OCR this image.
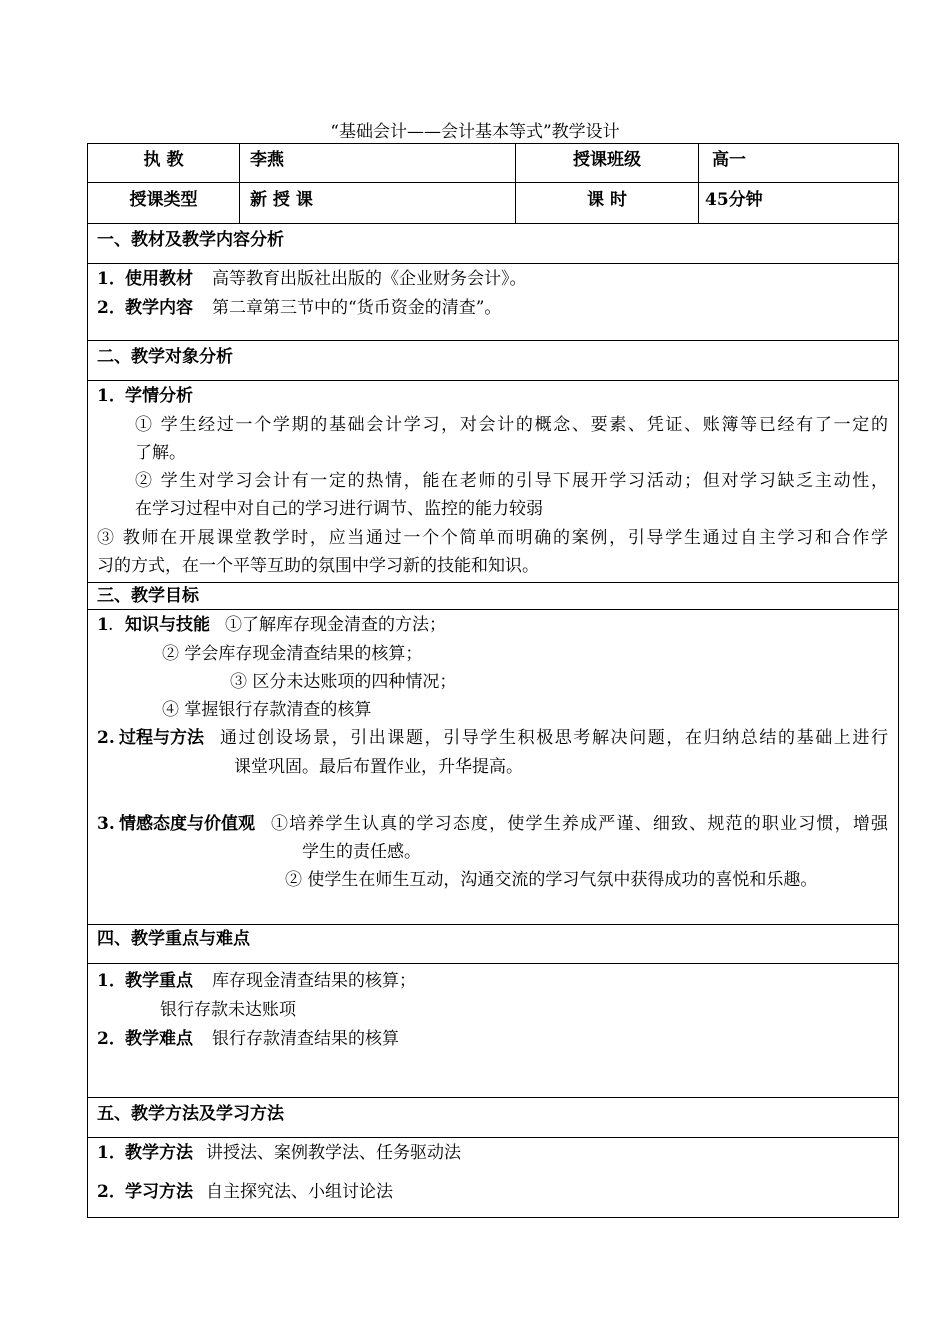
“基础会计——会计基本等式”教学设计
执 教	李燕	授课班级	高一
授课类型	新 授 课	课 时	45分钟
一、教材及教学内容分析
1． 使用教材 高等教育出版社出版的《企业财务会计》。
2． 教学内容 第二章第三节中的“货币资金的清查”。
二、教学对象分析
1． 学情分析
① 学生经过一个学期的基础会计学习，对会计的概念、要素、凭证、账簿等已经有了一定的
了解。
② 学生对学习会计有一定的热情，能在老师的引导下展开学习活动；但对学习缺乏主动性，
在学习过程中对自己的学习进行调节、监控的能力较弱
③ 教师在开展课堂教学时，应当通过一个个简单而明确的案例，引导学生通过自主学习和合作学
习的方式，在一个平等互助的氛围中学习新的技能和知识。
三、教学目标
1 . 知识与技能 ①了解库存现金清查的方法；
② 学会库存现金清查结果的核算；
③ 区分未达账项的四种情况；
④ 掌握银行存款清查的核算
2. 过程与方法 通过创设场景，引出课题，引导学生积极思考解决问题，在归纳总结的基础上进行
课堂巩固。最后布置作业，升华提高。
3. 情感态度与价值观 ①培养学生认真的学习态度，使学生养成严谨、细致、规范的职业习惯，增强
学生的责任感。
② 使学生在师生互动，沟通交流的学习气氛中获得成功的喜悦和乐趣。
四、教学重点与难点
1． 教学重点 库存现金清查结果的核算；
银行存款未达账项
2． 教学难点 银行存款清查结果的核算
五、教学方法及学习方法
1． 教学方法 讲授法、案例教学法、任务驱动法
2． 学习方法 自主探究法、小组讨论法
